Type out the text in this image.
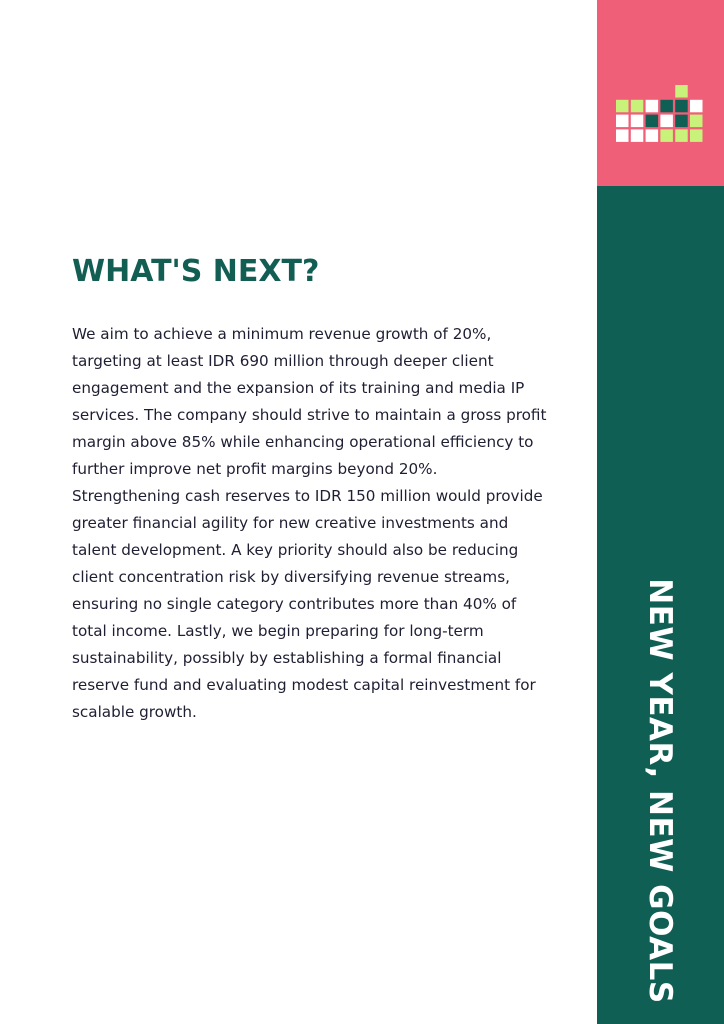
WHAT'S NEXT?

We aim to achieve a minimum revenue growth of 20%, targeting at least IDR 690 million through deeper client engagement and the expansion of its training and media IP services. The company should strive to maintain a gross profit margin above 85% while enhancing operational efficiency to further improve net profit margins beyond 20%. Strengthening cash reserves to IDR 150 million would provide greater financial agility for new creative investments and talent development. A key priority should also be reducing client concentration risk by diversifying revenue streams, ensuring no single category contributes more than 40% of total income. Lastly, we begin preparing for long-term sustainability, possibly by establishing a formal financial reserve fund and evaluating modest capital reinvestment for scalable growth.	NEW YEAR, NEW GOALS
